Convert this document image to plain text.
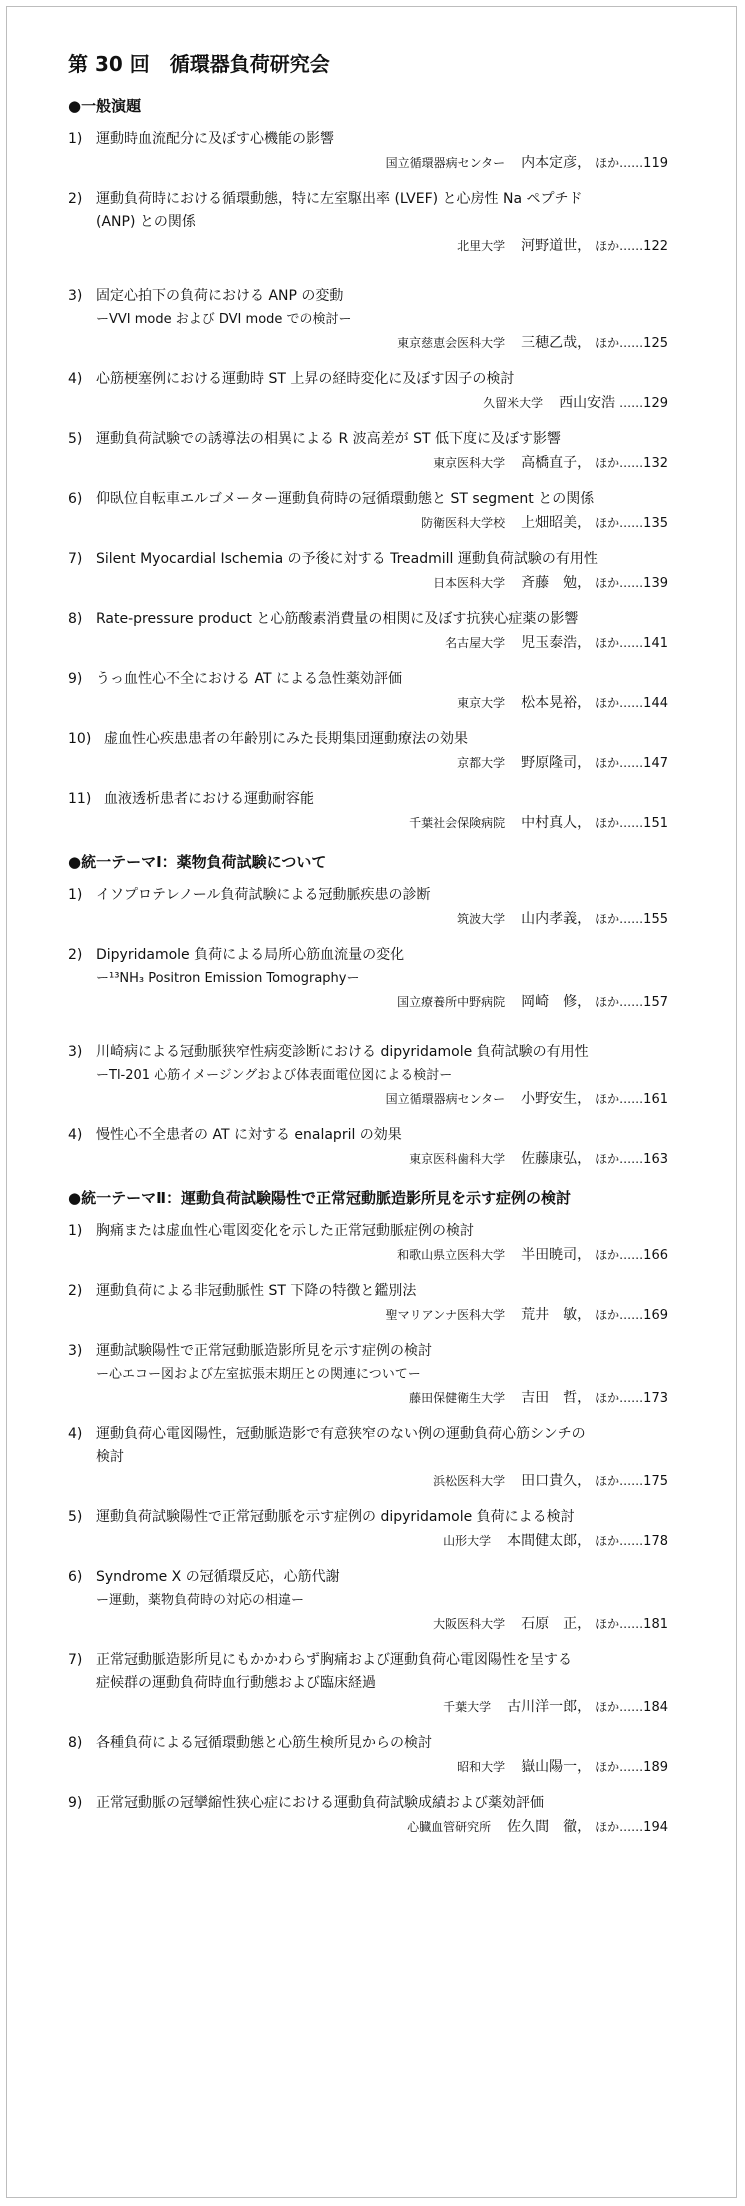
第 30 回　循環器負荷研究会
●一般演題
1) 運動時血流配分に及ぼす心機能の影響
国立循環器病センター 内本定彦， ほか…… 119
2) 運動負荷時における循環動態，特に左室駆出率 (LVEF) と心房性 Na ペプチド
(ANP) との関係
北里大学 河野道世， ほか…… 122
3) 固定心拍下の負荷における ANP の変動
ーVVI mode および DVI mode での検討ー
東京慈恵会医科大学 三穂乙哉， ほか…… 125
4) 心筋梗塞例における運動時 ST 上昇の経時変化に及ぼす因子の検討
久留米大学 西山安浩 …… 129
5) 運動負荷試験での誘導法の相異による R 波高差が ST 低下度に及ぼす影響
東京医科大学 高橋直子， ほか…… 132
6) 仰臥位自転車エルゴメーター運動負荷時の冠循環動態と ST segment との関係
防衛医科大学校 上畑昭美， ほか…… 135
7) Silent Myocardial Ischemia の予後に対する Treadmill 運動負荷試験の有用性
日本医科大学 斉藤　勉， ほか…… 139
8) Rate-pressure product と心筋酸素消費量の相関に及ぼす抗狭心症薬の影響
名古屋大学 児玉泰浩， ほか…… 141
9) うっ血性心不全における AT による急性薬効評価
東京大学 松本晃裕， ほか…… 144
10) 虚血性心疾患患者の年齢別にみた長期集団運動療法の効果
京都大学 野原隆司， ほか…… 147
11) 血液透析患者における運動耐容能
千葉社会保険病院 中村真人， ほか…… 151
●統一テーマⅠ：薬物負荷試験について
1) イソプロテレノール負荷試験による冠動脈疾患の診断
筑波大学 山内孝義， ほか…… 155
2) Dipyridamole 負荷による局所心筋血流量の変化
ー¹³NH₃ Positron Emission Tomographyー
国立療養所中野病院 岡崎　修， ほか…… 157
3) 川崎病による冠動脈狭窄性病変診断における dipyridamole 負荷試験の有用性
ーTl-201 心筋イメージングおよび体表面電位図による検討ー
国立循環器病センター 小野安生， ほか…… 161
4) 慢性心不全患者の AT に対する enalapril の効果
東京医科歯科大学 佐藤康弘， ほか…… 163
●統一テーマⅡ：運動負荷試験陽性で正常冠動脈造影所見を示す症例の検討
1) 胸痛または虚血性心電図変化を示した正常冠動脈症例の検討
和歌山県立医科大学 半田暁司， ほか…… 166
2) 運動負荷による非冠動脈性 ST 下降の特徴と鑑別法
聖マリアンナ医科大学 荒井　敏， ほか…… 169
3) 運動試験陽性で正常冠動脈造影所見を示す症例の検討
ー心エコー図および左室拡張末期圧との関連についてー
藤田保健衛生大学 吉田　哲， ほか…… 173
4) 運動負荷心電図陽性，冠動脈造影で有意狭窄のない例の運動負荷心筋シンチの
検討
浜松医科大学 田口貴久， ほか…… 175
5) 運動負荷試験陽性で正常冠動脈を示す症例の dipyridamole 負荷による検討
山形大学 本間健太郎， ほか…… 178
6) Syndrome X の冠循環反応，心筋代謝
ー運動，薬物負荷時の対応の相違ー
大阪医科大学 石原　正， ほか…… 181
7) 正常冠動脈造影所見にもかかわらず胸痛および運動負荷心電図陽性を呈する
症候群の運動負荷時血行動態および臨床経過
千葉大学 古川洋一郎， ほか…… 184
8) 各種負荷による冠循環動態と心筋生検所見からの検討
昭和大学 嶽山陽一， ほか…… 189
9) 正常冠動脈の冠攣縮性狭心症における運動負荷試験成績および薬効評価
心臓血管研究所 佐久間　徹， ほか…… 194
